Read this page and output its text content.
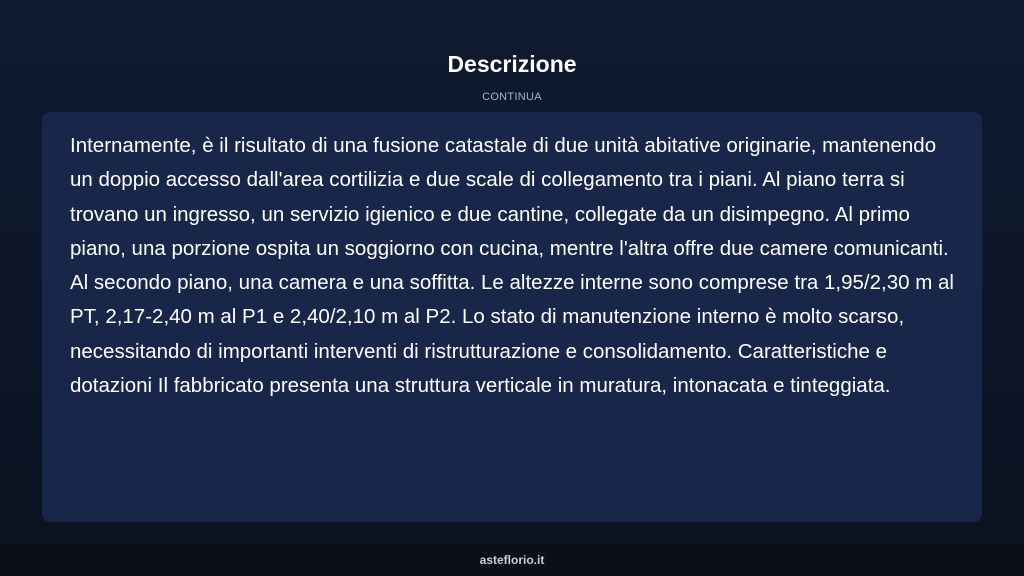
Descrizione
CONTINUA

Internamente, è il risultato di una fusione catastale di due unità abitative originarie, mantenendo un doppio accesso dall'area cortilizia e due scale di collegamento tra i piani. Al piano terra si trovano un ingresso, un servizio igienico e due cantine, collegate da un disimpegno. Al primo piano, una porzione ospita un soggiorno con cucina, mentre l'altra offre due camere comunicanti. Al secondo piano, una camera e una soffitta. Le altezze interne sono comprese tra 1,95/2,30 m al PT, 2,17-2,40 m al P1 e 2,40/2,10 m al P2. Lo stato di manutenzione interno è molto scarso, necessitando di importanti interventi di ristrutturazione e consolidamento. Caratteristiche e dotazioni Il fabbricato presenta una struttura verticale in muratura, intonacata e tinteggiata.

asteflorio.it
